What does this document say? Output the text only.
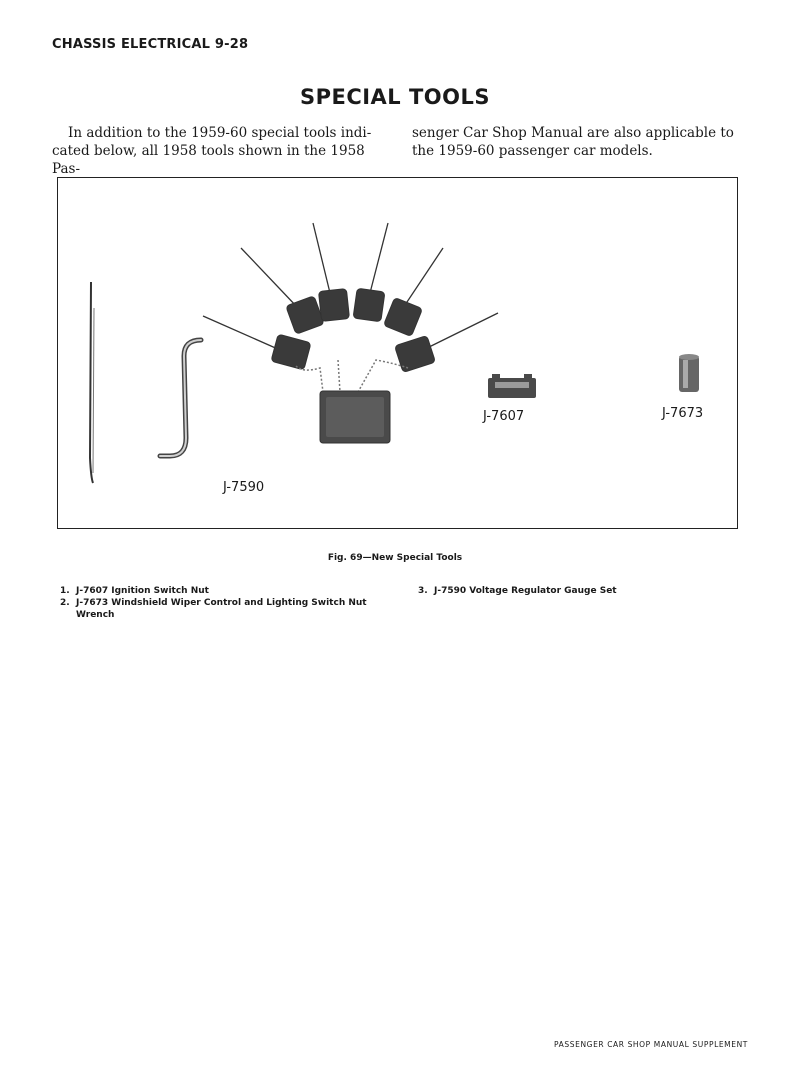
CHASSIS ELECTRICAL 9-28
SPECIAL TOOLS
In addition to the 1959-60 special tools indi- cated below, all 1958 tools shown in the 1958 Pas-
senger Car Shop Manual are also applicable to the 1959-60 passenger car models.
J-7590
J-7607	J-7673
Fig. 69—New Special Tools
1. J-7607 Ignition Switch Nut
2. J-7673 Windshield Wiper Control and Lighting Switch Nut Wrench
3. J-7590 Voltage Regulator Gauge Set
PASSENGER CAR SHOP MANUAL SUPPLEMENT
